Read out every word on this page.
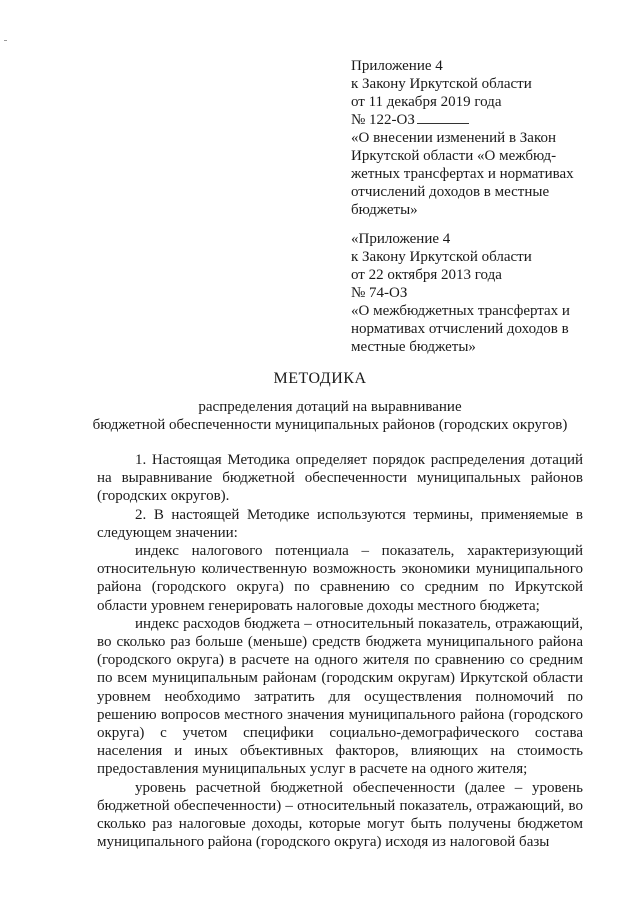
Приложение 4
к Закону Иркутской области
от 11 декабря 2019 года
№ 122-ОЗ
«О внесении изменений в Закон
Иркутской области «О межбюд-
жетных трансфертах и нормативах
отчислений доходов в местные
бюджеты»
«Приложение 4
к Закону Иркутской области
от 22 октября 2013 года
№ 74-ОЗ
«О межбюджетных трансфертах и
нормативах отчислений доходов в
местные бюджеты»
МЕТОДИКА
распределения дотаций на выравнивание
бюджетной обеспеченности муниципальных районов (городских округов)

1. Настоящая Методика определяет порядок распределения дотаций на выравнивание бюджетной обеспеченности муниципальных районов (городских округов).

2. В настоящей Методике используются термины, применяемые в следующем значении:

индекс налогового потенциала – показатель, характеризующий относительную количественную возможность экономики муниципального района (городского округа) по сравнению со средним по Иркутской области уровнем генерировать налоговые доходы местного бюджета;

индекс расходов бюджета – относительный показатель, отражающий, во сколько раз больше (меньше) средств бюджета муниципального района (городского округа) в расчете на одного жителя по сравнению со средним по всем муниципальным районам (городским округам) Иркутской области уровнем необходимо затратить для осуществления полномочий по решению вопросов местного значения муниципального района (городского округа) с учетом специфики социально-демографического состава населения и иных объективных факторов, влияющих на стоимость предоставления муниципальных услуг в расчете на одного жителя;

уровень расчетной бюджетной обеспеченности (далее – уровень бюджетной обеспеченности) – относительный показатель, отражающий, во сколько раз налоговые доходы, которые могут быть получены бюджетом муниципального района (городского округа) исходя из налоговой базы
